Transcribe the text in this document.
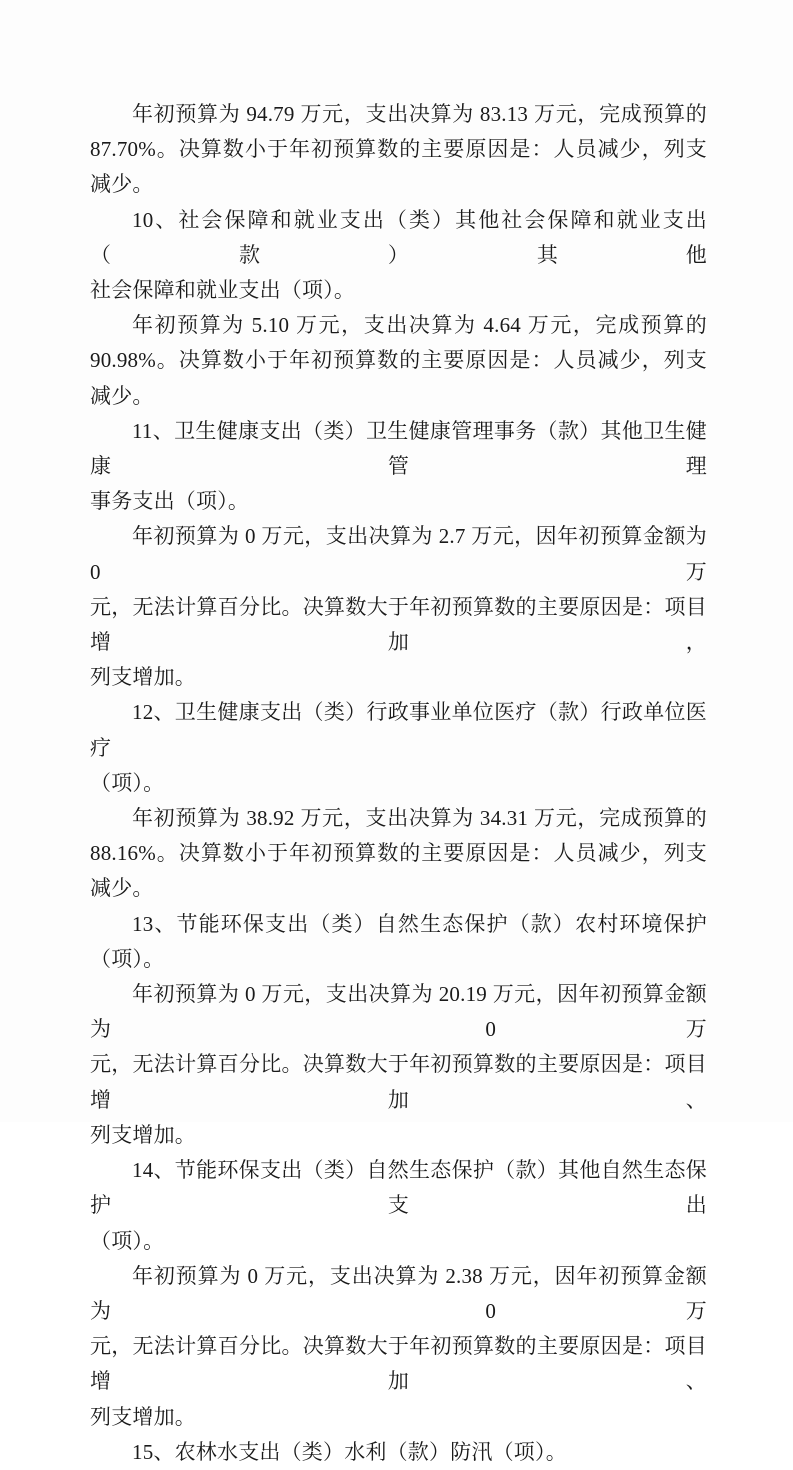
年初预算为 94.79 万元，支出决算为 83.13 万元，完成预算的
87.70%。决算数小于年初预算数的主要原因是：人员减少，列支减少。

10、社会保障和就业支出（类）其他社会保障和就业支出（款）其他
社会保障和就业支出（项）。

年初预算为 5.10 万元，支出决算为 4.64 万元，完成预算的
90.98%。决算数小于年初预算数的主要原因是：人员减少，列支减少。

11、卫生健康支出（类）卫生健康管理事务（款）其他卫生健康管理
事务支出（项）。

年初预算为 0 万元，支出决算为 2.7 万元，因年初预算金额为 0 万
元，无法计算百分比。决算数大于年初预算数的主要原因是：项目增加，
列支增加。

12、卫生健康支出（类）行政事业单位医疗（款）行政单位医疗
（项）。

年初预算为 38.92 万元，支出决算为 34.31 万元，完成预算的
88.16%。决算数小于年初预算数的主要原因是：人员减少，列支减少。

13、节能环保支出（类）自然生态保护（款）农村环境保护（项）。

年初预算为 0 万元，支出决算为 20.19 万元，因年初预算金额为 0 万
元，无法计算百分比。决算数大于年初预算数的主要原因是：项目增加、
列支增加。

14、节能环保支出（类）自然生态保护（款）其他自然生态保护支出
（项）。

年初预算为 0 万元，支出决算为 2.38 万元，因年初预算金额为 0 万
元，无法计算百分比。决算数大于年初预算数的主要原因是：项目增加、
列支增加。

15、农林水支出（类）水利（款）防汛（项）。
